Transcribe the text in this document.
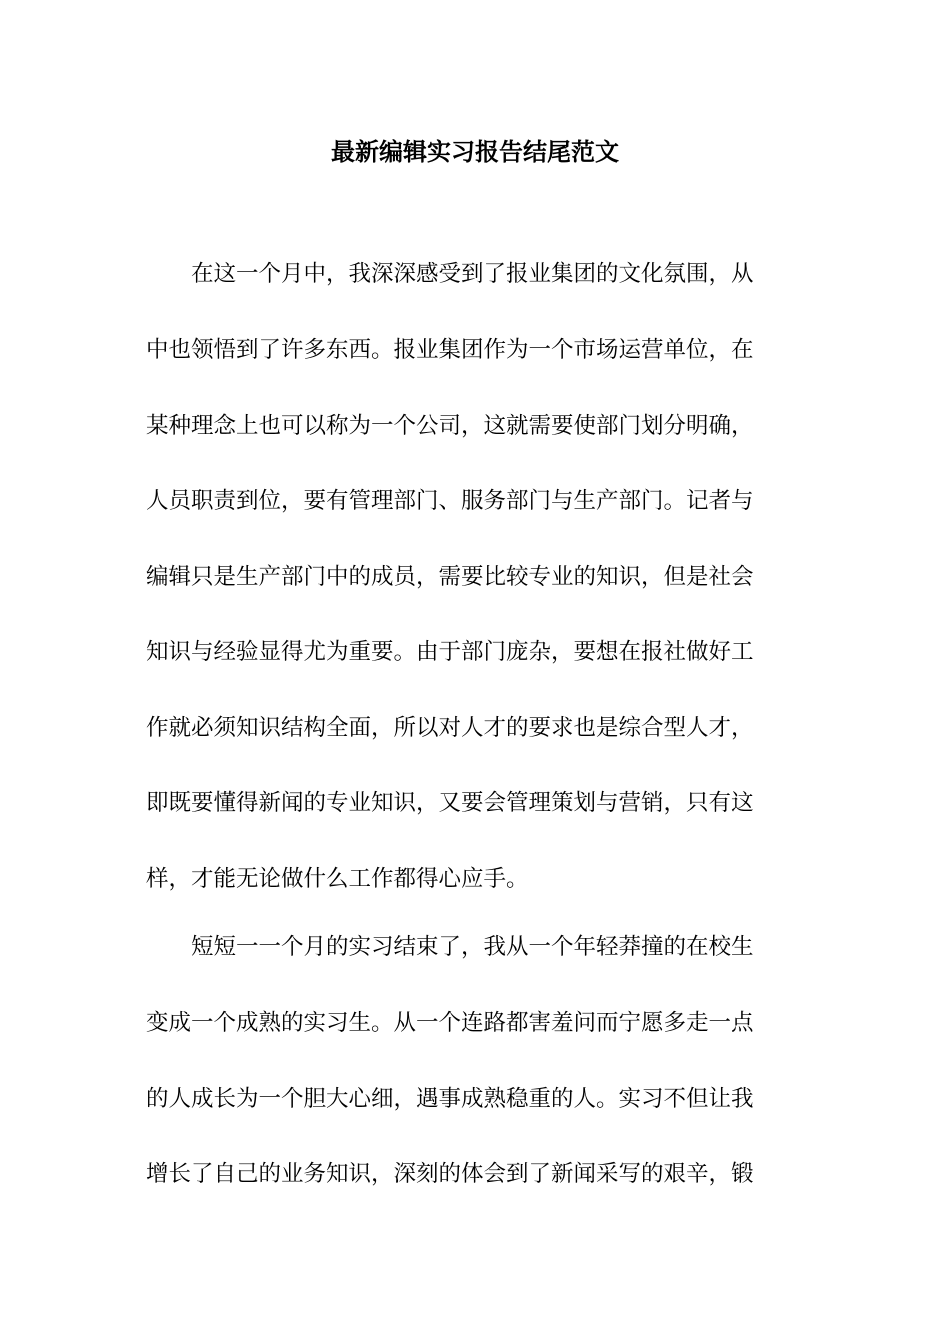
最新编辑实习报告结尾范文
　　在这一个月中，我深深感受到了报业集团的文化氛围，从
中也领悟到了许多东西。报业集团作为一个市场运营单位，在
某种理念上也可以称为一个公司，这就需要使部门划分明确，
人员职责到位，要有管理部门、服务部门与生产部门。记者与
编辑只是生产部门中的成员，需要比较专业的知识，但是社会
知识与经验显得尤为重要。由于部门庞杂，要想在报社做好工
作就必须知识结构全面，所以对人才的要求也是综合型人才，
即既要懂得新闻的专业知识，又要会管理策划与营销，只有这
样，才能无论做什么工作都得心应手。
　　短短一一个月的实习结束了，我从一个年轻莽撞的在校生
变成一个成熟的实习生。从一个连路都害羞问而宁愿多走一点
的人成长为一个胆大心细，遇事成熟稳重的人。实习不但让我
增长了自己的业务知识，深刻的体会到了新闻采写的艰辛，锻
